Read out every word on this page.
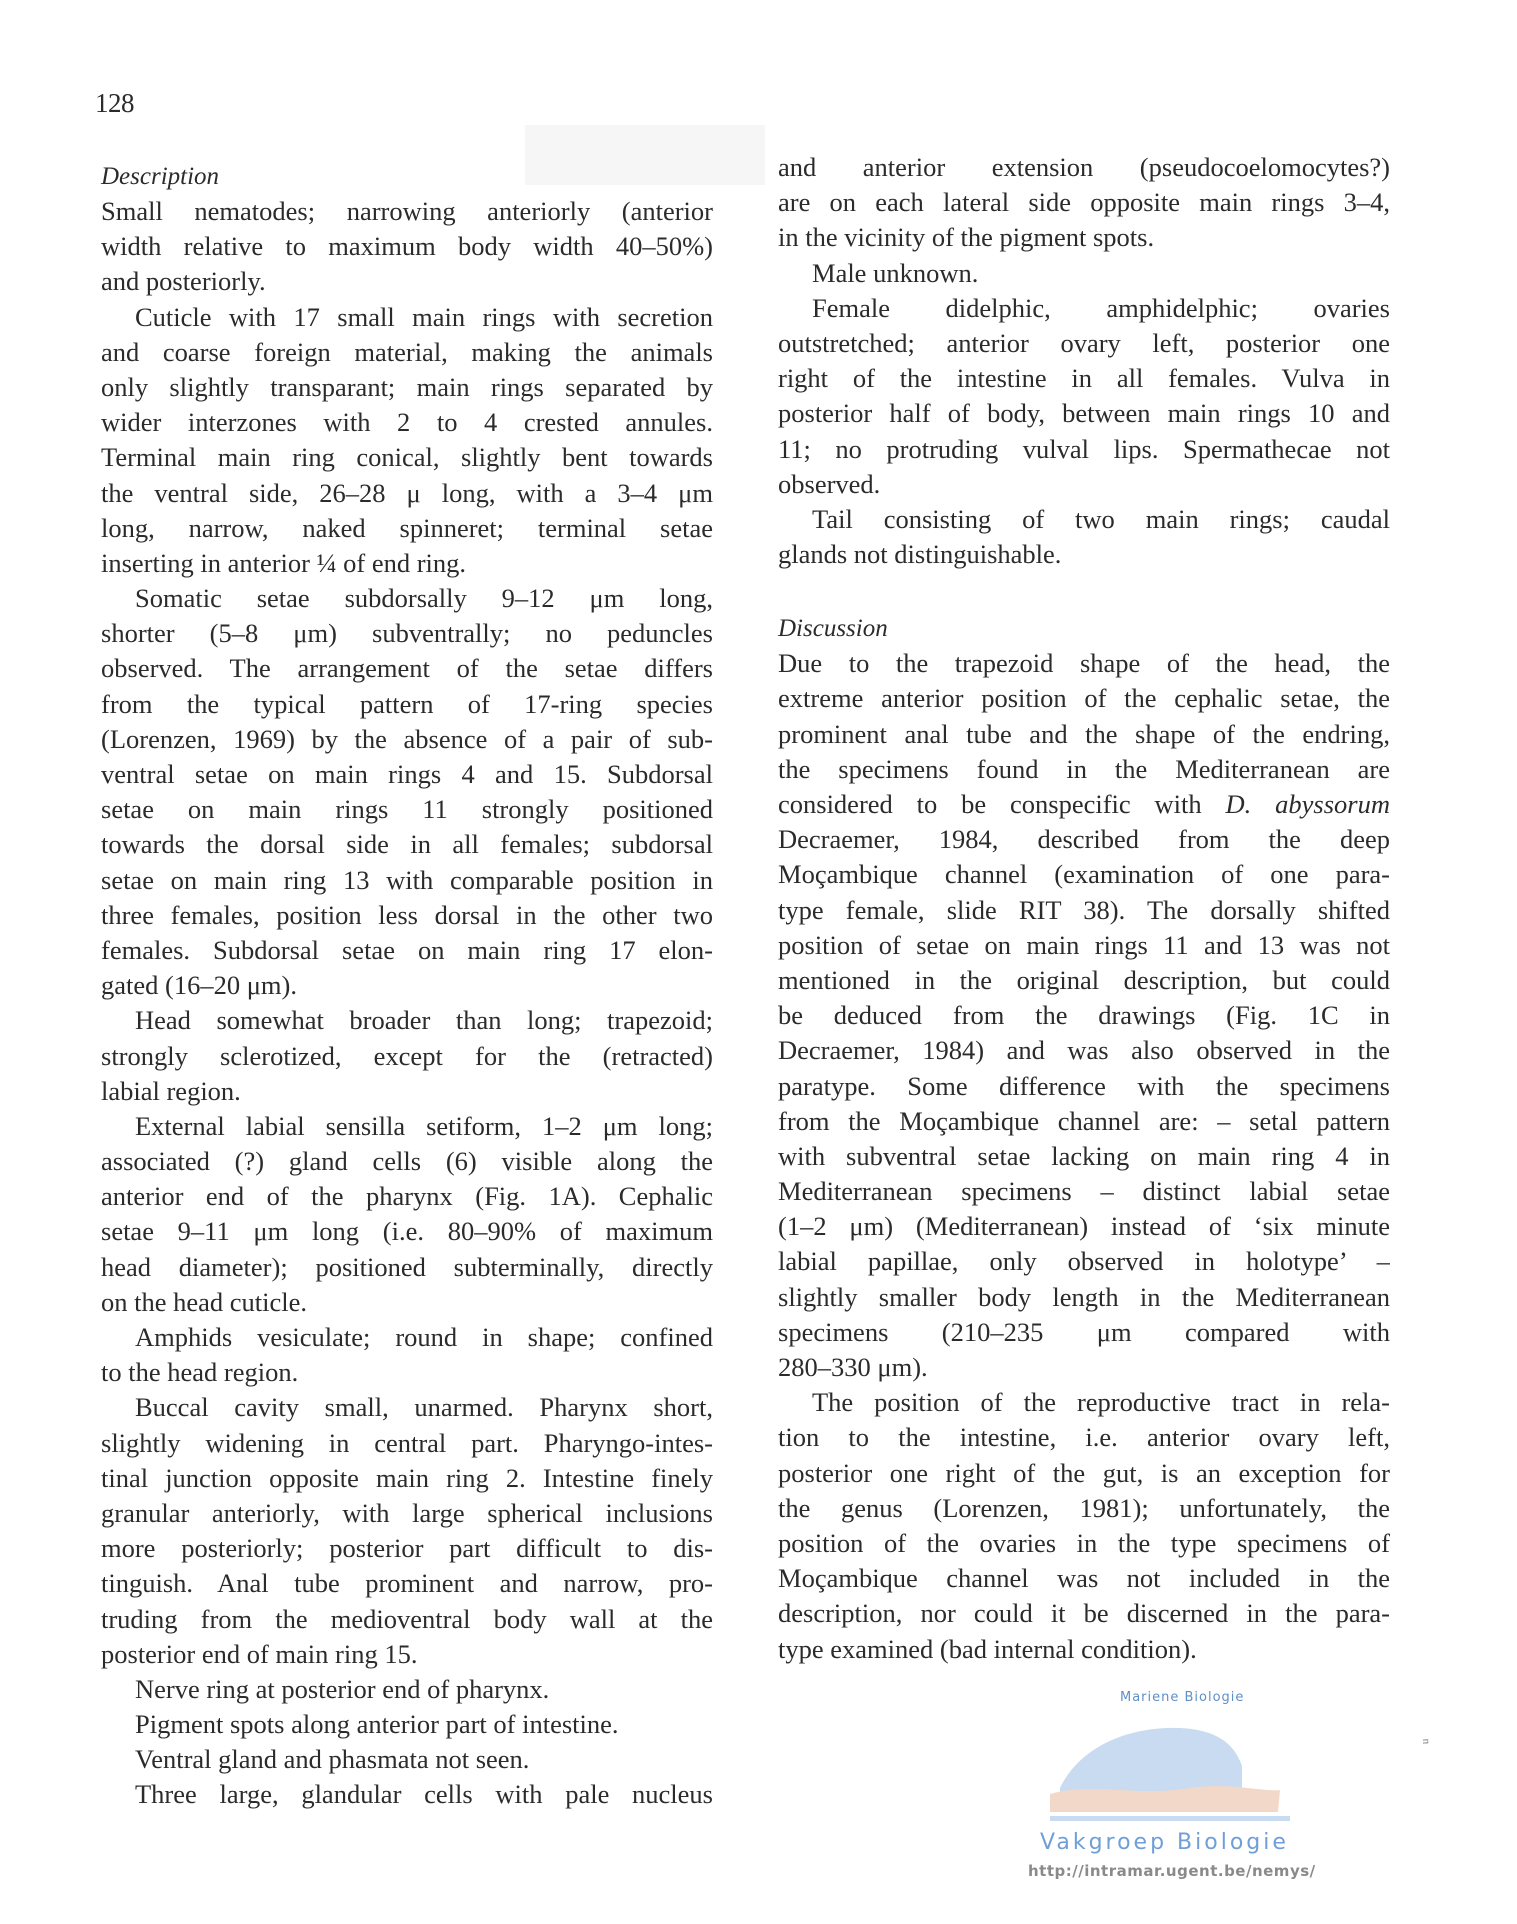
128
Description
Small nematodes; narrowing anteriorly (anterior
width relative to maximum body width 40–50%)
and posteriorly.
Cuticle with 17 small main rings with secretion
and coarse foreign material, making the animals
only slightly transparant; main rings separated by
wider interzones with 2 to 4 crested annules.
Terminal main ring conical, slightly bent towards
the ventral side, 26–28 μ long, with a 3–4 μm
long, narrow, naked spinneret; terminal setae
inserting in anterior ¼ of end ring.
Somatic setae subdorsally 9–12 μm long,
shorter (5–8 μm) subventrally; no peduncles
observed. The arrangement of the setae differs
from the typical pattern of 17-ring species
(Lorenzen, 1969) by the absence of a pair of sub-
ventral setae on main rings 4 and 15. Subdorsal
setae on main rings 11 strongly positioned
towards the dorsal side in all females; subdorsal
setae on main ring 13 with comparable position in
three females, position less dorsal in the other two
females. Subdorsal setae on main ring 17 elon-
gated (16–20 μm).
Head somewhat broader than long; trapezoid;
strongly sclerotized, except for the (retracted)
labial region.
External labial sensilla setiform, 1–2 μm long;
associated (?) gland cells (6) visible along the
anterior end of the pharynx (Fig. 1A). Cephalic
setae 9–11 μm long (i.e. 80–90% of maximum
head diameter); positioned subterminally, directly
on the head cuticle.
Amphids vesiculate; round in shape; confined
to the head region.
Buccal cavity small, unarmed. Pharynx short,
slightly widening in central part. Pharyngo-intes-
tinal junction opposite main ring 2. Intestine finely
granular anteriorly, with large spherical inclusions
more posteriorly; posterior part difficult to dis-
tinguish. Anal tube prominent and narrow, pro-
truding from the medioventral body wall at the
posterior end of main ring 15.
Nerve ring at posterior end of pharynx.
Pigment spots along anterior part of intestine.
Ventral gland and phasmata not seen.
Three large, glandular cells with pale nucleus
and anterior extension (pseudocoelomocytes?)
are on each lateral side opposite main rings 3–4,
in the vicinity of the pigment spots.
Male unknown.
Female didelphic, amphidelphic; ovaries
outstretched; anterior ovary left, posterior one
right of the intestine in all females. Vulva in
posterior half of body, between main rings 10 and
11; no protruding vulval lips. Spermathecae not
observed.
Tail consisting of two main rings; caudal
glands not distinguishable.
Discussion
Due to the trapezoid shape of the head, the
extreme anterior position of the cephalic setae, the
prominent anal tube and the shape of the endring,
the specimens found in the Mediterranean are
considered to be conspecific with D. abyssorum
Decraemer, 1984, described from the deep
Moçambique channel (examination of one para-
type female, slide RIT 38). The dorsally shifted
position of setae on main rings 11 and 13 was not
mentioned in the original description, but could
be deduced from the drawings (Fig. 1C in
Decraemer, 1984) and was also observed in the
paratype. Some difference with the specimens
from the Moçambique channel are: – setal pattern
with subventral setae lacking on main ring 4 in
Mediterranean specimens – distinct labial setae
(1–2 μm) (Mediterranean) instead of ‘six minute
labial papillae, only observed in holotype’ –
slightly smaller body length in the Mediterranean
specimens (210–235 μm compared with
280–330 μm).
The position of the reproductive tract in rela-
tion to the intestine, i.e. anterior ovary left,
posterior one right of the gut, is an exception for
the genus (Lorenzen, 1981); unfortunately, the
position of the ovaries in the type specimens of
Moçambique channel was not included in the
description, nor could it be discerned in the para-
type examined (bad internal condition).
Mariene Biologie
Vakgroep Biologie
http://intramar.ugent.be/nemys/
ᵙ
